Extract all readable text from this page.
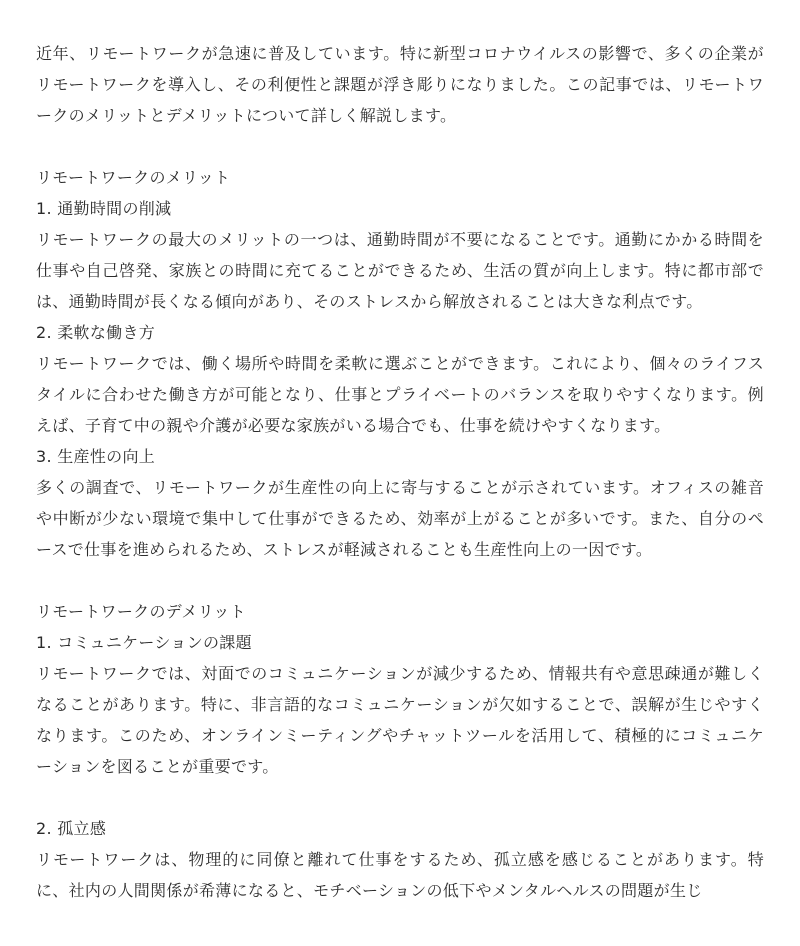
近年、リモートワークが急速に普及しています。特に新型コロナウイルスの影響で、多くの企業がリモートワークを導入し、その利便性と課題が浮き彫りになりました。この記事では、リモートワークのメリットとデメリットについて詳しく解説します。

リモートワークのメリット

1. 通勤時間の削減

リモートワークの最大のメリットの一つは、通勤時間が不要になることです。通勤にかかる時間を仕事や自己啓発、家族との時間に充てることができるため、生活の質が向上します。特に都市部では、通勤時間が長くなる傾向があり、そのストレスから解放されることは大きな利点です。

2. 柔軟な働き方

リモートワークでは、働く場所や時間を柔軟に選ぶことができます。これにより、個々のライフスタイルに合わせた働き方が可能となり、仕事とプライベートのバランスを取りやすくなります。例えば、子育て中の親や介護が必要な家族がいる場合でも、仕事を続けやすくなります。

3. 生産性の向上

多くの調査で、リモートワークが生産性の向上に寄与することが示されています。オフィスの雑音や中断が少ない環境で集中して仕事ができるため、効率が上がることが多いです。また、自分のペースで仕事を進められるため、ストレスが軽減されることも生産性向上の一因です。

リモートワークのデメリット

1. コミュニケーションの課題

リモートワークでは、対面でのコミュニケーションが減少するため、情報共有や意思疎通が難しくなることがあります。特に、非言語的なコミュニケーションが欠如することで、誤解が生じやすくなります。このため、オンラインミーティングやチャットツールを活用して、積極的にコミュニケーションを図ることが重要です。

2. 孤立感

リモートワークは、物理的に同僚と離れて仕事をするため、孤立感を感じることがあります。特に、社内の人間関係が希薄になると、モチベーションの低下やメンタルヘルスの問題が生じ
